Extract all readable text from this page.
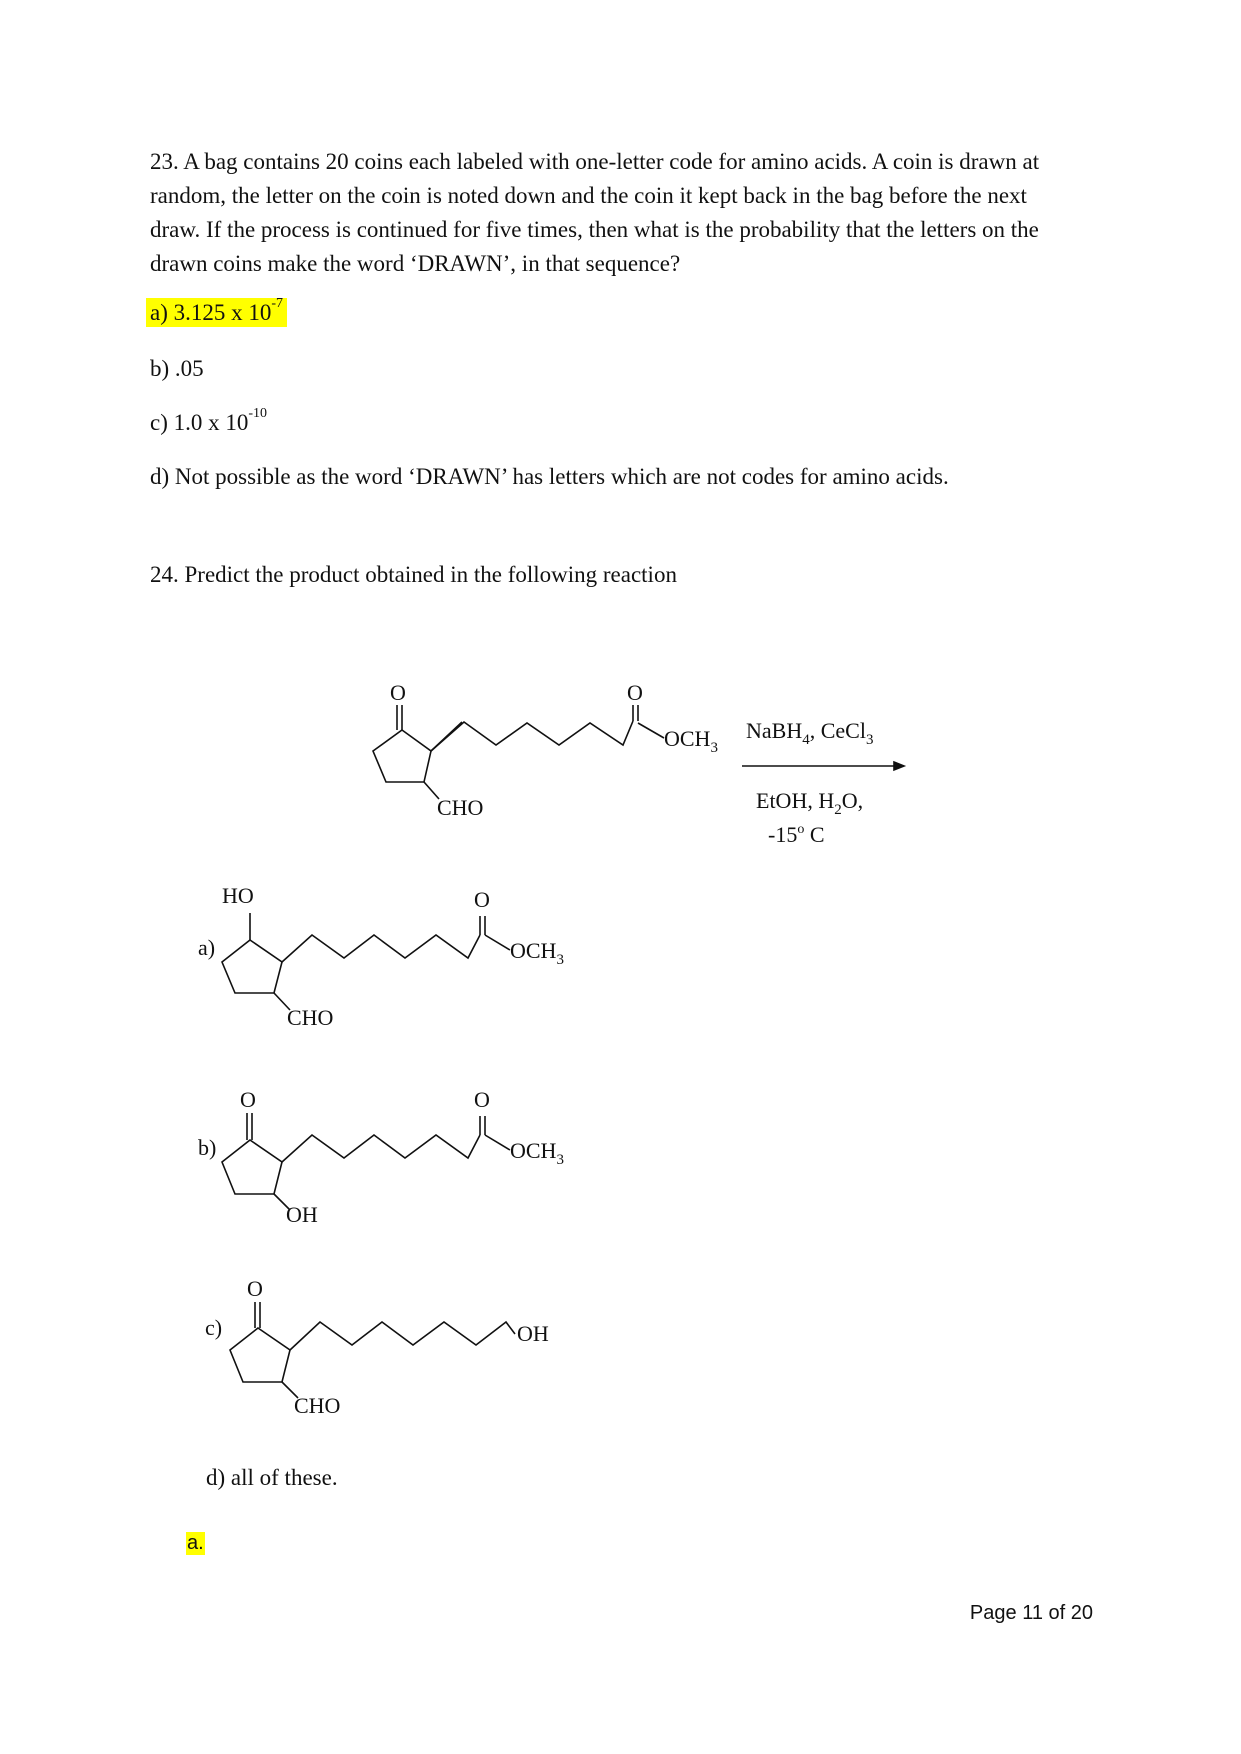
23. A bag contains 20 coins each labeled with one-letter code for amino acids. A coin is drawn at random, the letter on the coin is noted down and the coin it kept back in the bag before the next draw. If the process is continued for five times, then what is the probability that the letters on the drawn coins make the word ‘DRAWN’, in that sequence?
a) 3.125 x $10^{-7}$
b) .05
c) 1.0 x $10^{-10}$
d) Not possible as the word ‘DRAWN’ has letters which are not codes for amino acids.
24. Predict the product obtained in the following reaction
O	O
$OCH_3$
CHO
NaBH$_4$, CeCl$_3$
EtOH, $H_2O$,
-15$^o$ C
a)
HO	O
$OCH_3$
CHO
b)
O	O
$OCH_3$
OH
c)
O
OH
CHO
d) all of these.
a.
Page 11 of 20
